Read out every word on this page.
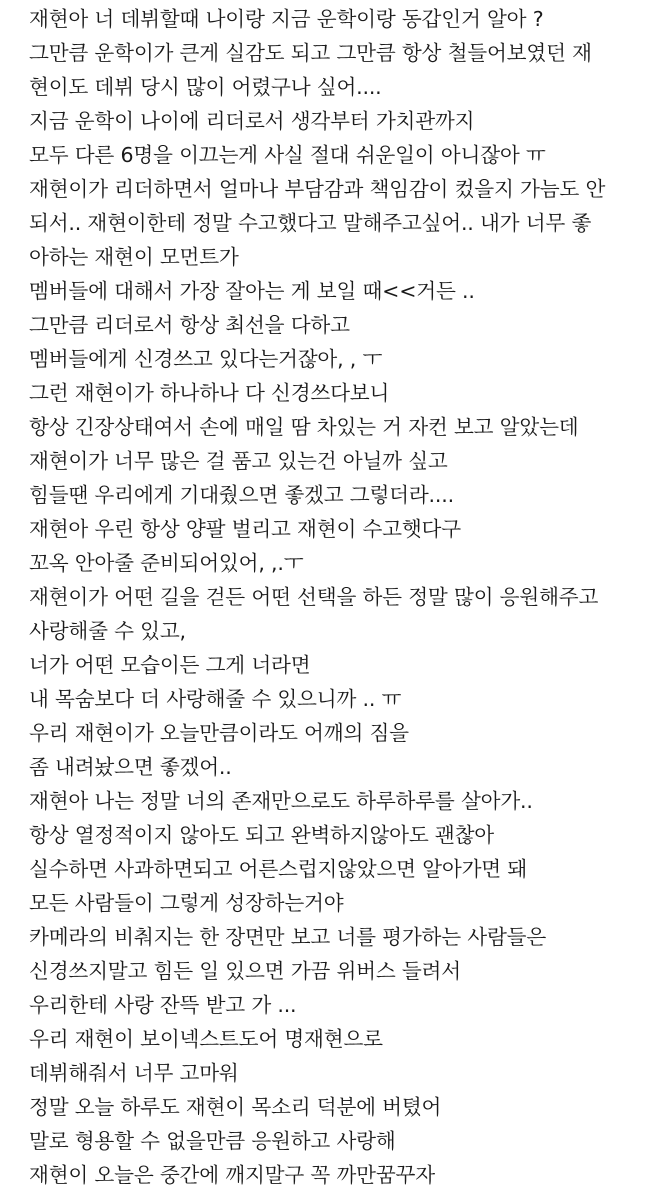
재현아 너 데뷔할때 나이랑 지금 운학이랑 동갑인거 알아 ?
그만큼 운학이가 큰게 실감도 되고 그만큼 항상 철들어보였던 재
현이도 데뷔 당시 많이 어렸구나 싶어....
지금 운학이 나이에 리더로서 생각부터 가치관까지
모두 다른 6명을 이끄는게 사실 절대 쉬운일이 아니잖아 ㅠ
재현이가 리더하면서 얼마나 부담감과 책임감이 컸을지 가늠도 안
되서.. 재현이한테 정말 수고했다고 말해주고싶어.. 내가 너무 좋
아하는 재현이 모먼트가
멤버들에 대해서 가장 잘아는 게 보일 때<<거든 ..
그만큼 리더로서 항상 최선을 다하고
멤버들에게 신경쓰고 있다는거잖아, , ㅜ
그런 재현이가 하나하나 다 신경쓰다보니
항상 긴장상태여서 손에 매일 땀 차있는 거 자컨 보고 알았는데
재현이가 너무 많은 걸 품고 있는건 아닐까 싶고
힘들땐 우리에게 기대줬으면 좋겠고 그렇더라....
재현아 우린 항상 양팔 벌리고 재현이 수고햇다구
꼬옥 안아줄 준비되어있어, ,.ㅜ
재현이가 어떤 길을 걷든 어떤 선택을 하든 정말 많이 응원해주고
사랑해줄 수 있고,
너가 어떤 모습이든 그게 너라면
내 목숨보다 더 사랑해줄 수 있으니까 .. ㅠ
우리 재현이가 오늘만큼이라도 어깨의 짐을
좀 내려놨으면 좋겠어..
재현아 나는 정말 너의 존재만으로도 하루하루를 살아가..
항상 열정적이지 않아도 되고 완벽하지않아도 괜찮아
실수하면 사과하면되고 어른스럽지않았으면 알아가면 돼
모든 사람들이 그렇게 성장하는거야
카메라의 비춰지는 한 장면만 보고 너를 평가하는 사람들은
신경쓰지말고 힘든 일 있으면 가끔 위버스 들려서
우리한테 사랑 잔뜩 받고 가 ...
우리 재현이 보이넥스트도어 명재현으로
데뷔해줘서 너무 고마워
정말 오늘 하루도 재현이 목소리 덕분에 버텼어
말로 형용할 수 없을만큼 응원하고 사랑해
재현이 오늘은 중간에 깨지말구 꼭 까만꿈꾸자
